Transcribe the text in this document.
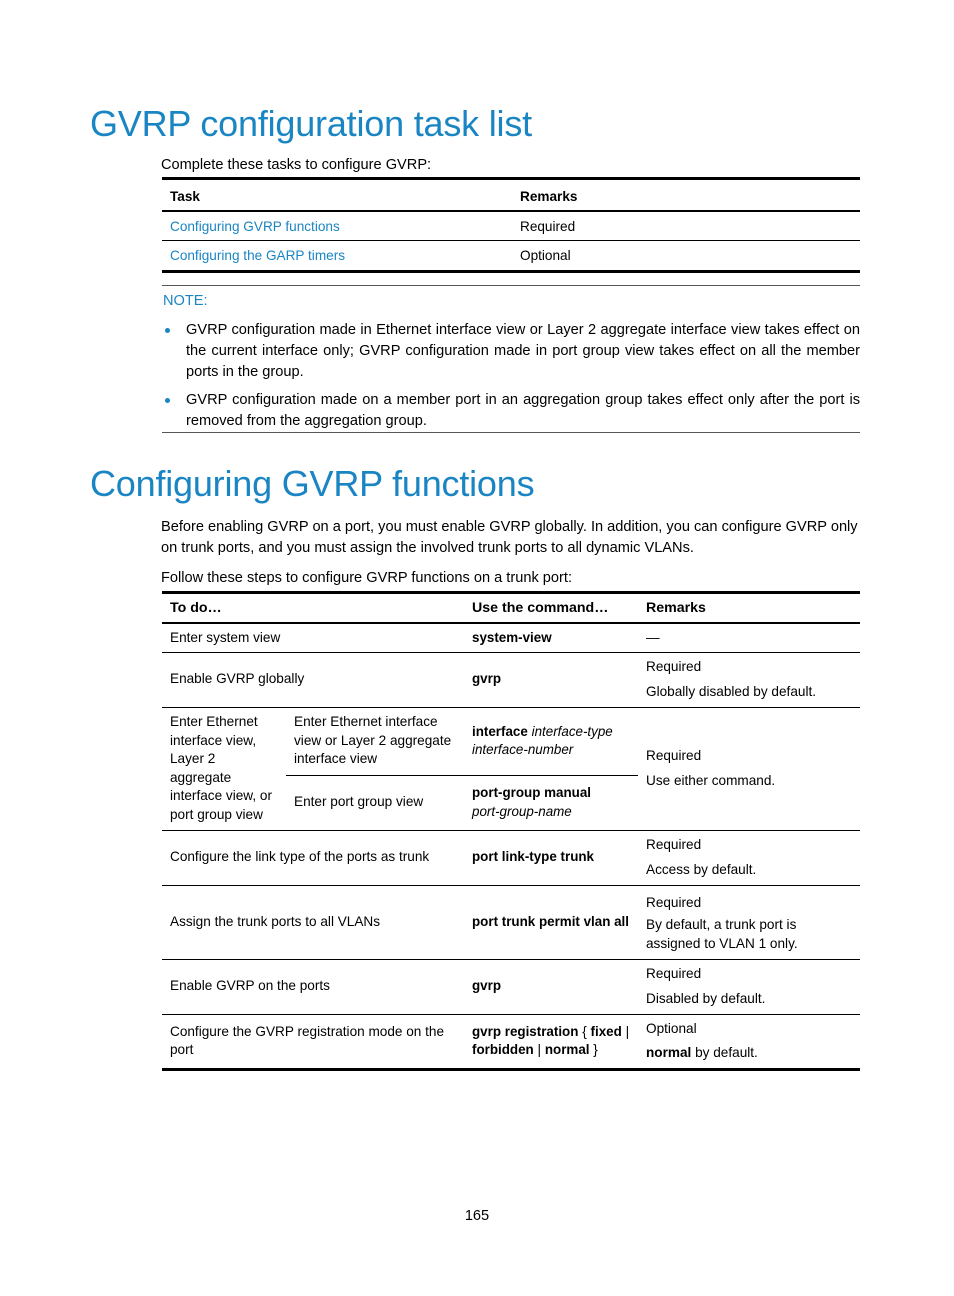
GVRP configuration task list

Complete these tasks to configure GVRP:

Task	Remarks
Configuring GVRP functions	Required
Configuring the GARP timers	Optional
NOTE:
GVRP configuration made in Ethernet interface view or Layer 2 aggregate interface view takes effect on the current interface only; GVRP configuration made in port group view takes effect on all the member ports in the group.
GVRP configuration made on a member port in an aggregation group takes effect only after the port is removed from the aggregation group.
Configuring GVRP functions

Before enabling GVRP on a port, you must enable GVRP globally. In addition, you can configure GVRP only on trunk ports, and you must assign the involved trunk ports to all dynamic VLANs.

Follow these steps to configure GVRP functions on a trunk port:

To do…		Use the command…	Remarks
Enter system view		system-view	—
Enable GVRP globally		gvrp	Required
Globally disabled by default.

Enter Ethernet interface view, Layer 2 aggregate interface view, or port group view	Enter Ethernet interface view or Layer 2 aggregate interface view	interface interface-type interface-number	Required
Use either command.

	Enter port group view	port-group manual
port-group-name	
Configure the link type of the ports as trunk		port link-type trunk	Required
Access by default.

Assign the trunk ports to all VLANs		port trunk permit vlan all	Required
By default, a trunk port is assigned to VLAN 1 only.

Enable GVRP on the ports		gvrp	Required
Disabled by default.

Configure the GVRP registration mode on the port		gvrp registration { fixed | forbidden | normal }	Optional
normal by default.
165
